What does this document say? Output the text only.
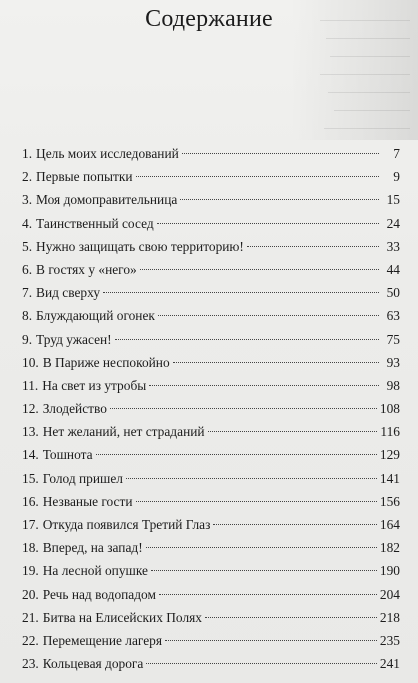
Содержание
1. Цель моих исследований	7
2. Первые попытки	9
3. Моя домоправительница	15
4. Таинственный сосед	24
5. Нужно защищать свою территорию!	33
6. В гостях у «него»	44
7. Вид сверху	50
8. Блуждающий огонек	63
9. Труд ужасен!	75
10. В Париже неспокойно	93
11. На свет из утробы	98
12. Злодейство	108
13. Нет желаний, нет страданий	116
14. Тошнота	129
15. Голод пришел	141
16. Незваные гости	156
17. Откуда появился Третий Глаз	164
18. Вперед, на запад!	182
19. На лесной опушке	190
20. Речь над водопадом	204
21. Битва на Елисейских Полях	218
22. Перемещение лагеря	235
23. Кольцевая дорога	241
